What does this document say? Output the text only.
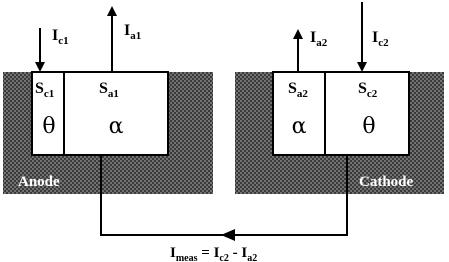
$S_{c1}$
θ
$S_{a1}$
α
Anode
$I_{c1}$
$I_{a1}$
$S_{a2}$
α
$S_{c2}$
θ
Cathode
$I_{a2}$	$I_{c2}$
$I_{meas} = I_{c2} - I_{a2}$
